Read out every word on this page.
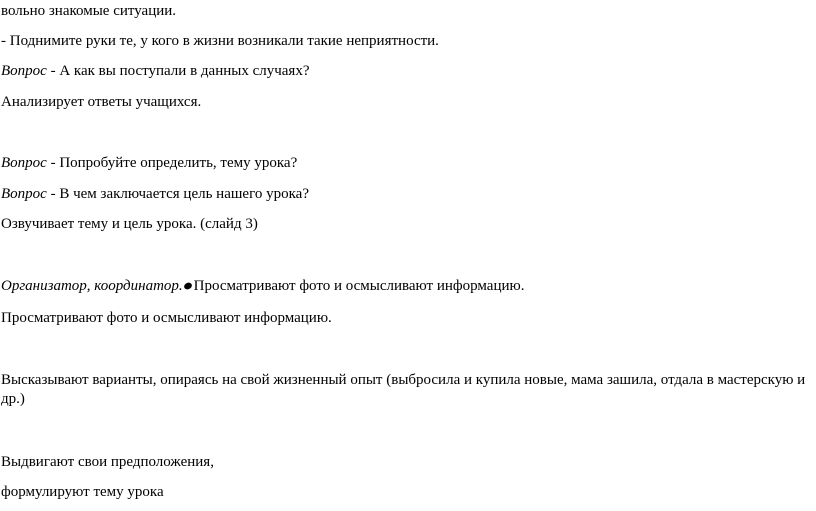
вольно знакомые ситуации.
- Поднимите руки те, у кого в жизни возникали такие неприятности.
Вопрос - А как вы поступали в данных случаях?
Анализирует ответы учащихся.
Вопрос - Попробуйте определить, тему урока?
Вопрос - В чем заключается цель нашего урока?
Озвучивает тему и цель урока. (слайд 3)
Организатор, координатор. Просматривают фото и осмысливают информацию.
Просматривают фото и осмысливают информацию.
Высказывают варианты, опираясь на свой жизненный опыт (выбросила и купила новые, мама зашила, отдала в мастерскую и
др.)
Выдвигают свои предположения,
формулируют тему урока
